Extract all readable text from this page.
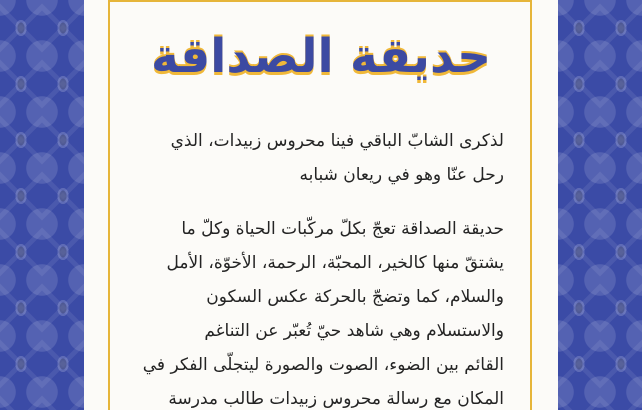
حديقة الصداقة
لذكرى الشابّ الباقي فينا محروس زبيدات، الذي
رحل عنّا وهو في ريعان شبابه
حديقة الصداقة تعجّ بكلّ مركّبات الحياة وكلّ ما
يشتقّ منها كالخير، المحبّة، الرحمة، الأخوّة، الأمل
والسلام، كما وتضجّ بالحركة عكس السكون
والاستسلام وهي شاهد حيّ تُعبّر عن التناغم
القائم بين الضوء، الصوت والصورة ليتجلّى الفكر في
المكان مع رسالة محروس زبيدات طالب مدرسة
